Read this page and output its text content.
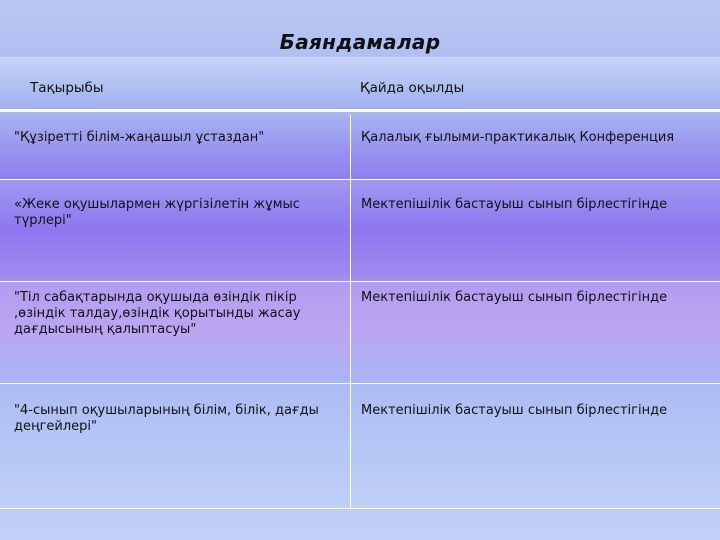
Баяндамалар
Тақырыбы	Қайда оқылды
"Құзіретті білім-жаңашыл ұстаздан"	Қалалық ғылыми-практикалық Конференция
«Жеке оқушылармен жүргізілетін жұмыс түрлері"
Мектепішілік бастауыш сынып бірлестігінде
"Тіл сабақтарында оқушыда өзіндік пікір ,өзіндік талдау,өзіндік қорытынды жасау дағдысының қалыптасуы"
Мектепішілік бастауыш сынып бірлестігінде
"4-сынып оқушыларының білім, білік, дағды деңгейлері"
Мектепішілік бастауыш сынып бірлестігінде
